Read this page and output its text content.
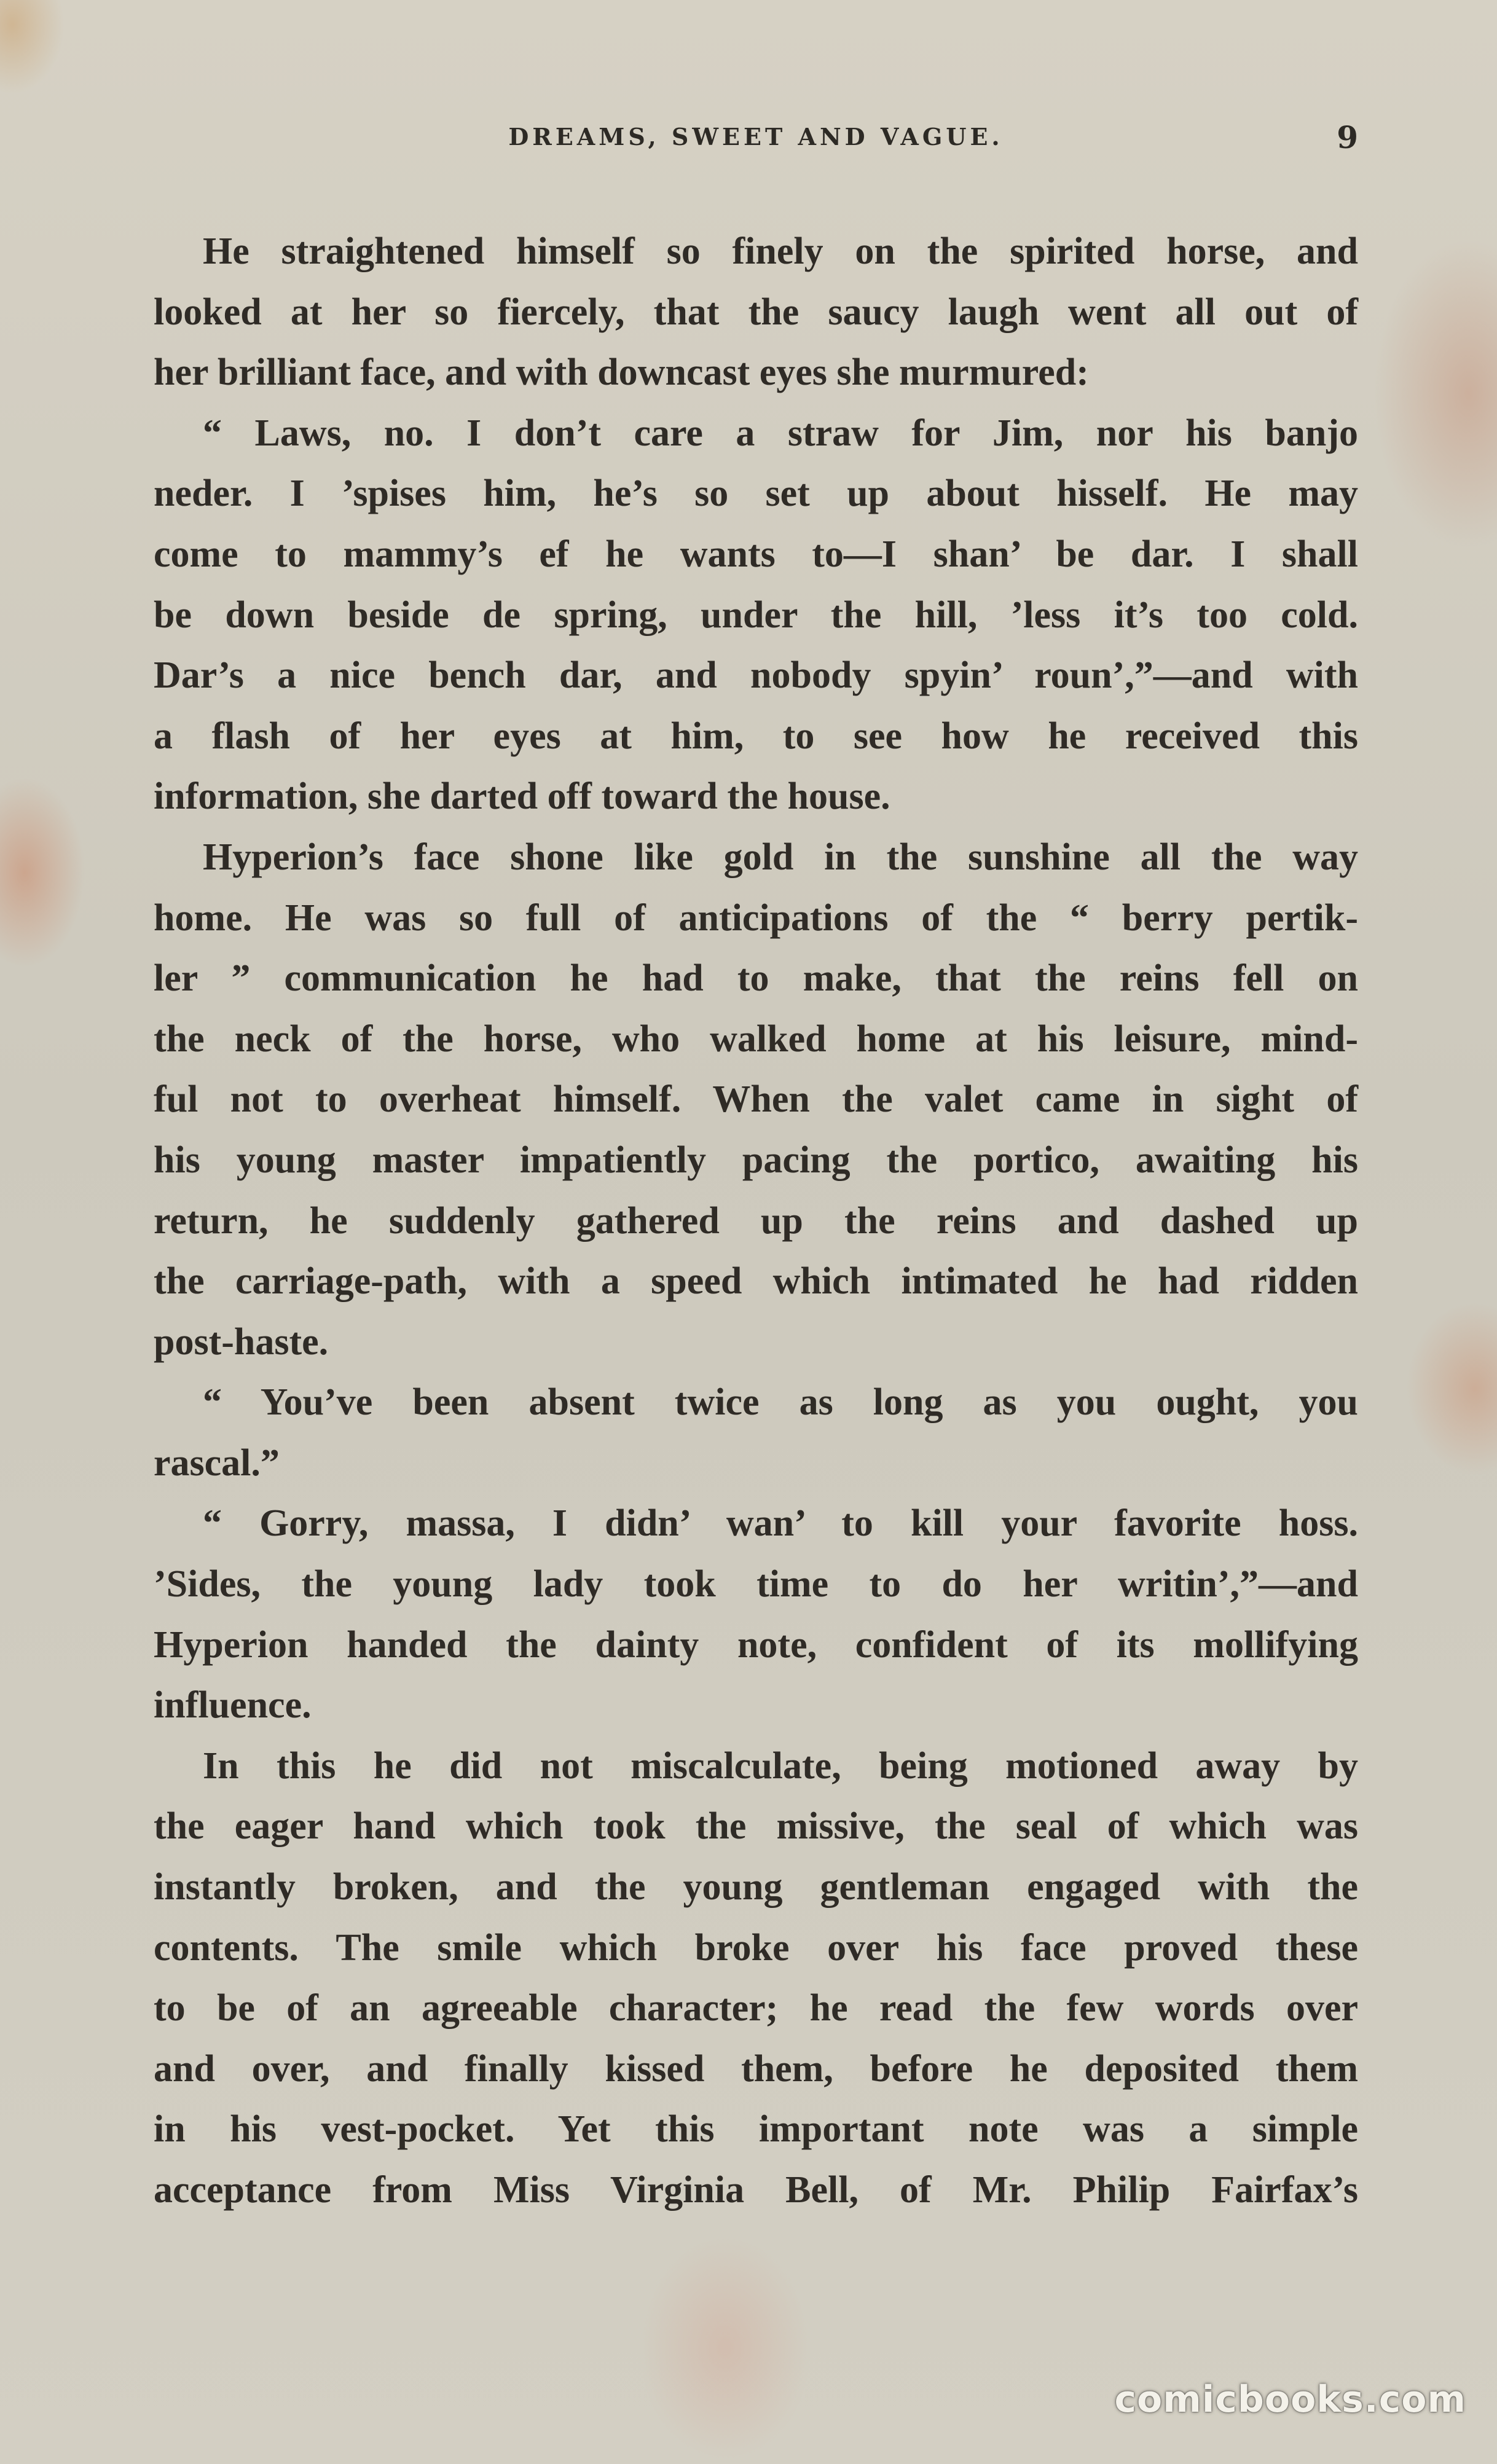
DREAMS, SWEET AND VAGUE.	9
He straightened himself so finely on the spirited horse, and
looked at her so fiercely, that the saucy laugh went all out of
her brilliant face, and with downcast eyes she murmured:
“ Laws, no. I don’t care a straw for Jim, nor his banjo
neder. I ’spises him, he’s so set up about hisself. He may
come to mammy’s ef he wants to—I shan’ be dar. I shall
be down beside de spring, under the hill, ’less it’s too cold.
Dar’s a nice bench dar, and nobody spyin’ roun’,”—and with
a flash of her eyes at him, to see how he received this
information, she darted off toward the house.
Hyperion’s face shone like gold in the sunshine all the way
home. He was so full of anticipations of the “ berry pertik-
ler ” communication he had to make, that the reins fell on
the neck of the horse, who walked home at his leisure, mind-
ful not to overheat himself. When the valet came in sight of
his young master impatiently pacing the portico, awaiting his
return, he suddenly gathered up the reins and dashed up
the carriage-path, with a speed which intimated he had ridden
post-haste.
“ You’ve been absent twice as long as you ought, you
rascal.”
“ Gorry, massa, I didn’ wan’ to kill your favorite hoss.
’Sides, the young lady took time to do her writin’,”—and
Hyperion handed the dainty note, confident of its mollifying
influence.
In this he did not miscalculate, being motioned away by
the eager hand which took the missive, the seal of which was
instantly broken, and the young gentleman engaged with the
contents. The smile which broke over his face proved these
to be of an agreeable character; he read the few words over
and over, and finally kissed them, before he deposited them
in his vest-pocket. Yet this important note was a simple
acceptance from Miss Virginia Bell, of Mr. Philip Fairfax’s
comicbooks.com
